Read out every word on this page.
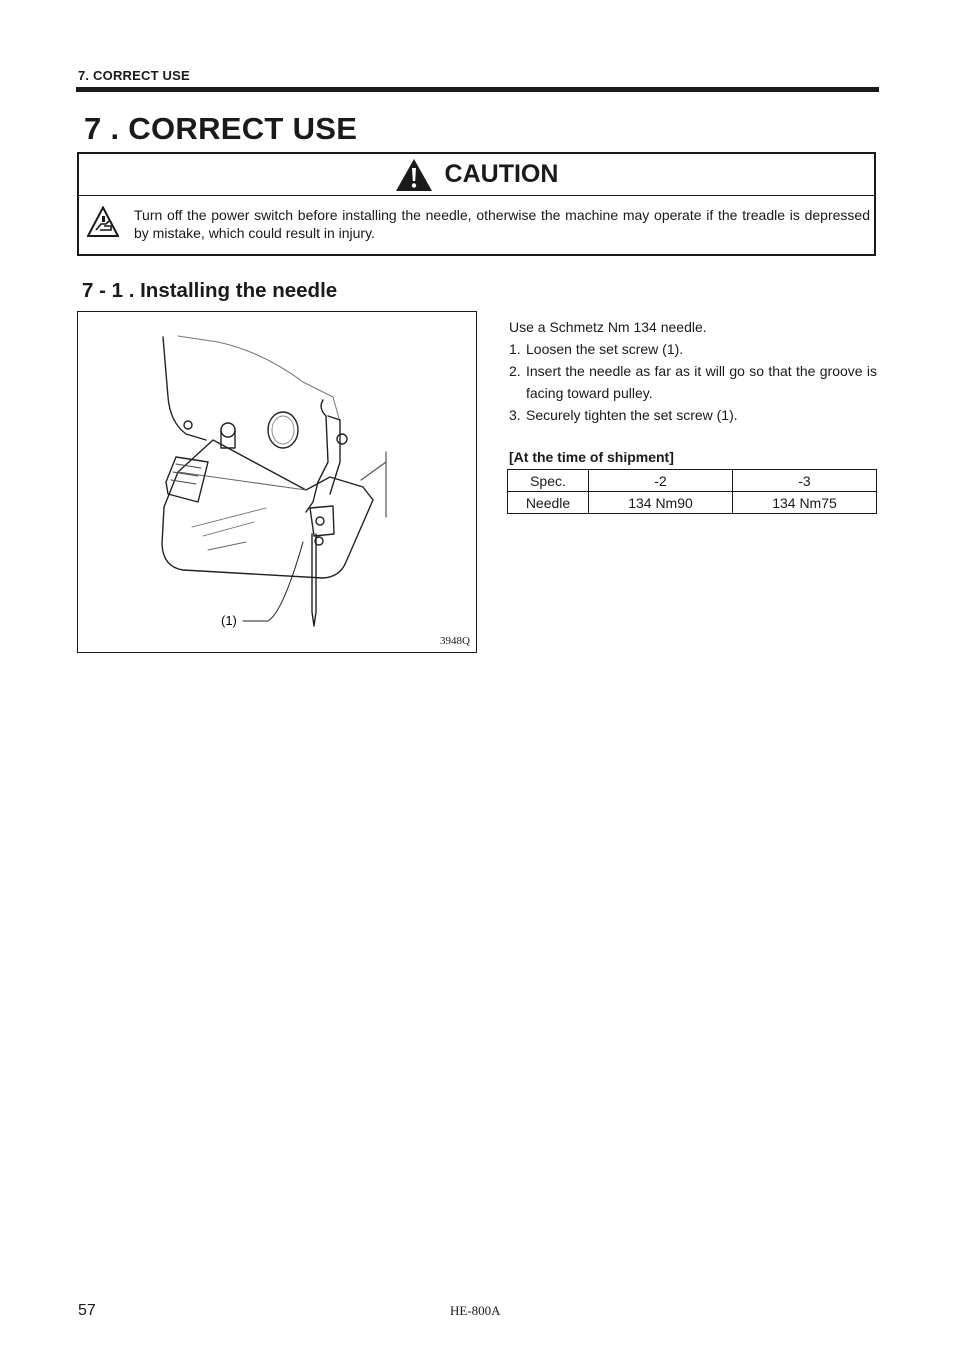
7. CORRECT USE
7 . CORRECT USE
CAUTION
Turn off the power switch before installing the needle, otherwise the machine may operate if the treadle is depressed by mistake, which could result in injury.
7 - 1 . Installing the needle
(1)
3948Q

Use a Schmetz Nm 134 needle.

1. Loosen the set screw (1).
2. Insert the needle as far as it will go so that the groove is facing toward pulley.
3. Securely tighten the set screw (1).
[At the time of shipment]
Spec.	-2	-3
Needle	134 Nm90	134 Nm75
57	HE-800A
